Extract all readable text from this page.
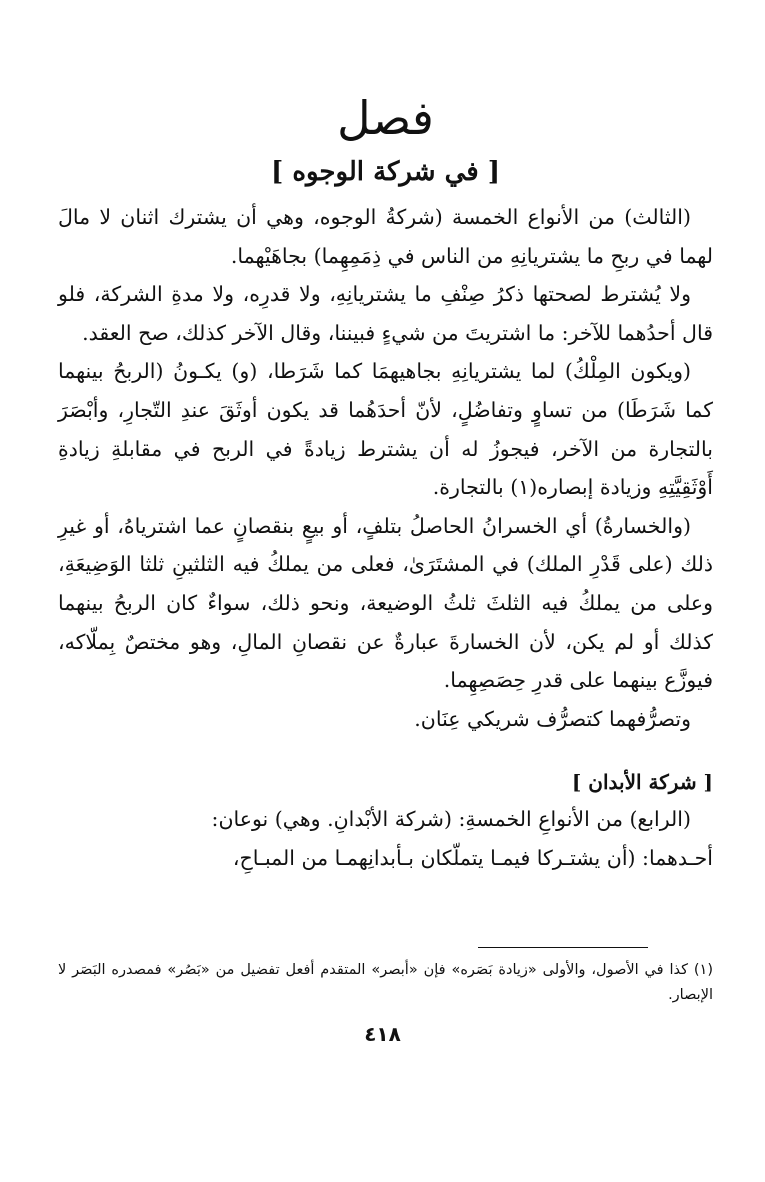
فصل
[ في شركة الوجوه ]

(الثالث) من الأنواع الخمسة (شركةُ الوجوه، وهي أن يشترك اثنان لا مالَ لهما في ربحِ ما يشتريانِهِ من الناس في ذِمَمِهِما) بجاهَيْهما.

ولا يُشترط لصحتها ذكرُ صِنْفِ ما يشتريانِهِ، ولا قدرِه، ولا مدةِ الشركة، فلو قال أحدُهما للآخر: ما اشتريتَ من شيءٍ فبيننا، وقال الآخر كذلك، صح العقد.

(ويكون المِلْكُ) لما يشتريانِهِ بجاهيهمَا كما شَرَطا، (و) يكـونُ (الربحُ بينهما كما شَرَطَا) من تساوٍ وتفاضُلٍ، لأنّ أحدَهُما قد يكون أوثَقَ عندِ التّجارِ، وأبْصَرَ بالتجارة من الآخر، فيجوزُ له أن يشترط زيادةً في الربح في مقابلةِ زيادةِ أَوْثَقِيَّتِهِ وزيادة إبصاره(١) بالتجارة.

(والخسارةُ) أي الخسرانُ الحاصلُ بتلفٍ، أو بيعٍ بنقصانٍ عما اشترياهُ، أو غيرِ ذلك (على قَدْرِ الملك) في المشتَرَىٰ، فعلى من يملكُ فيه الثلثينِ ثلثا الوَضِيعَةِ، وعلى من يملكُ فيه الثلثَ ثلثُ الوضيعة، ونحو ذلك، سواءٌ كان الربحُ بينهما كذلك أو لم يكن، لأن الخسارةَ عبارةٌ عن نقصانِ المالِ، وهو مختصٌ بِملّاكه، فيوزَّع بينهما على قدرِ حِصَصِهِما.

وتصرُّفهما كتصرُّف شريكي عِنَان.

[ شركة الأبدان ]

(الرابع) من الأنواعِ الخمسةِ: (شركة الأبْدانِ. وهي) نوعان:

أحـدهما: (أن يشتـركا فيمـا يتملّكان بـأبدانِهمـا من المبـاحِ،

(١) كذا في الأصول، والأولى «زيادة بَصَره» فإن «أبصر» المتقدم أفعل تفضيل من «بَصُر» فمصدره البَصَر لا الإبصار.
٤١٨
